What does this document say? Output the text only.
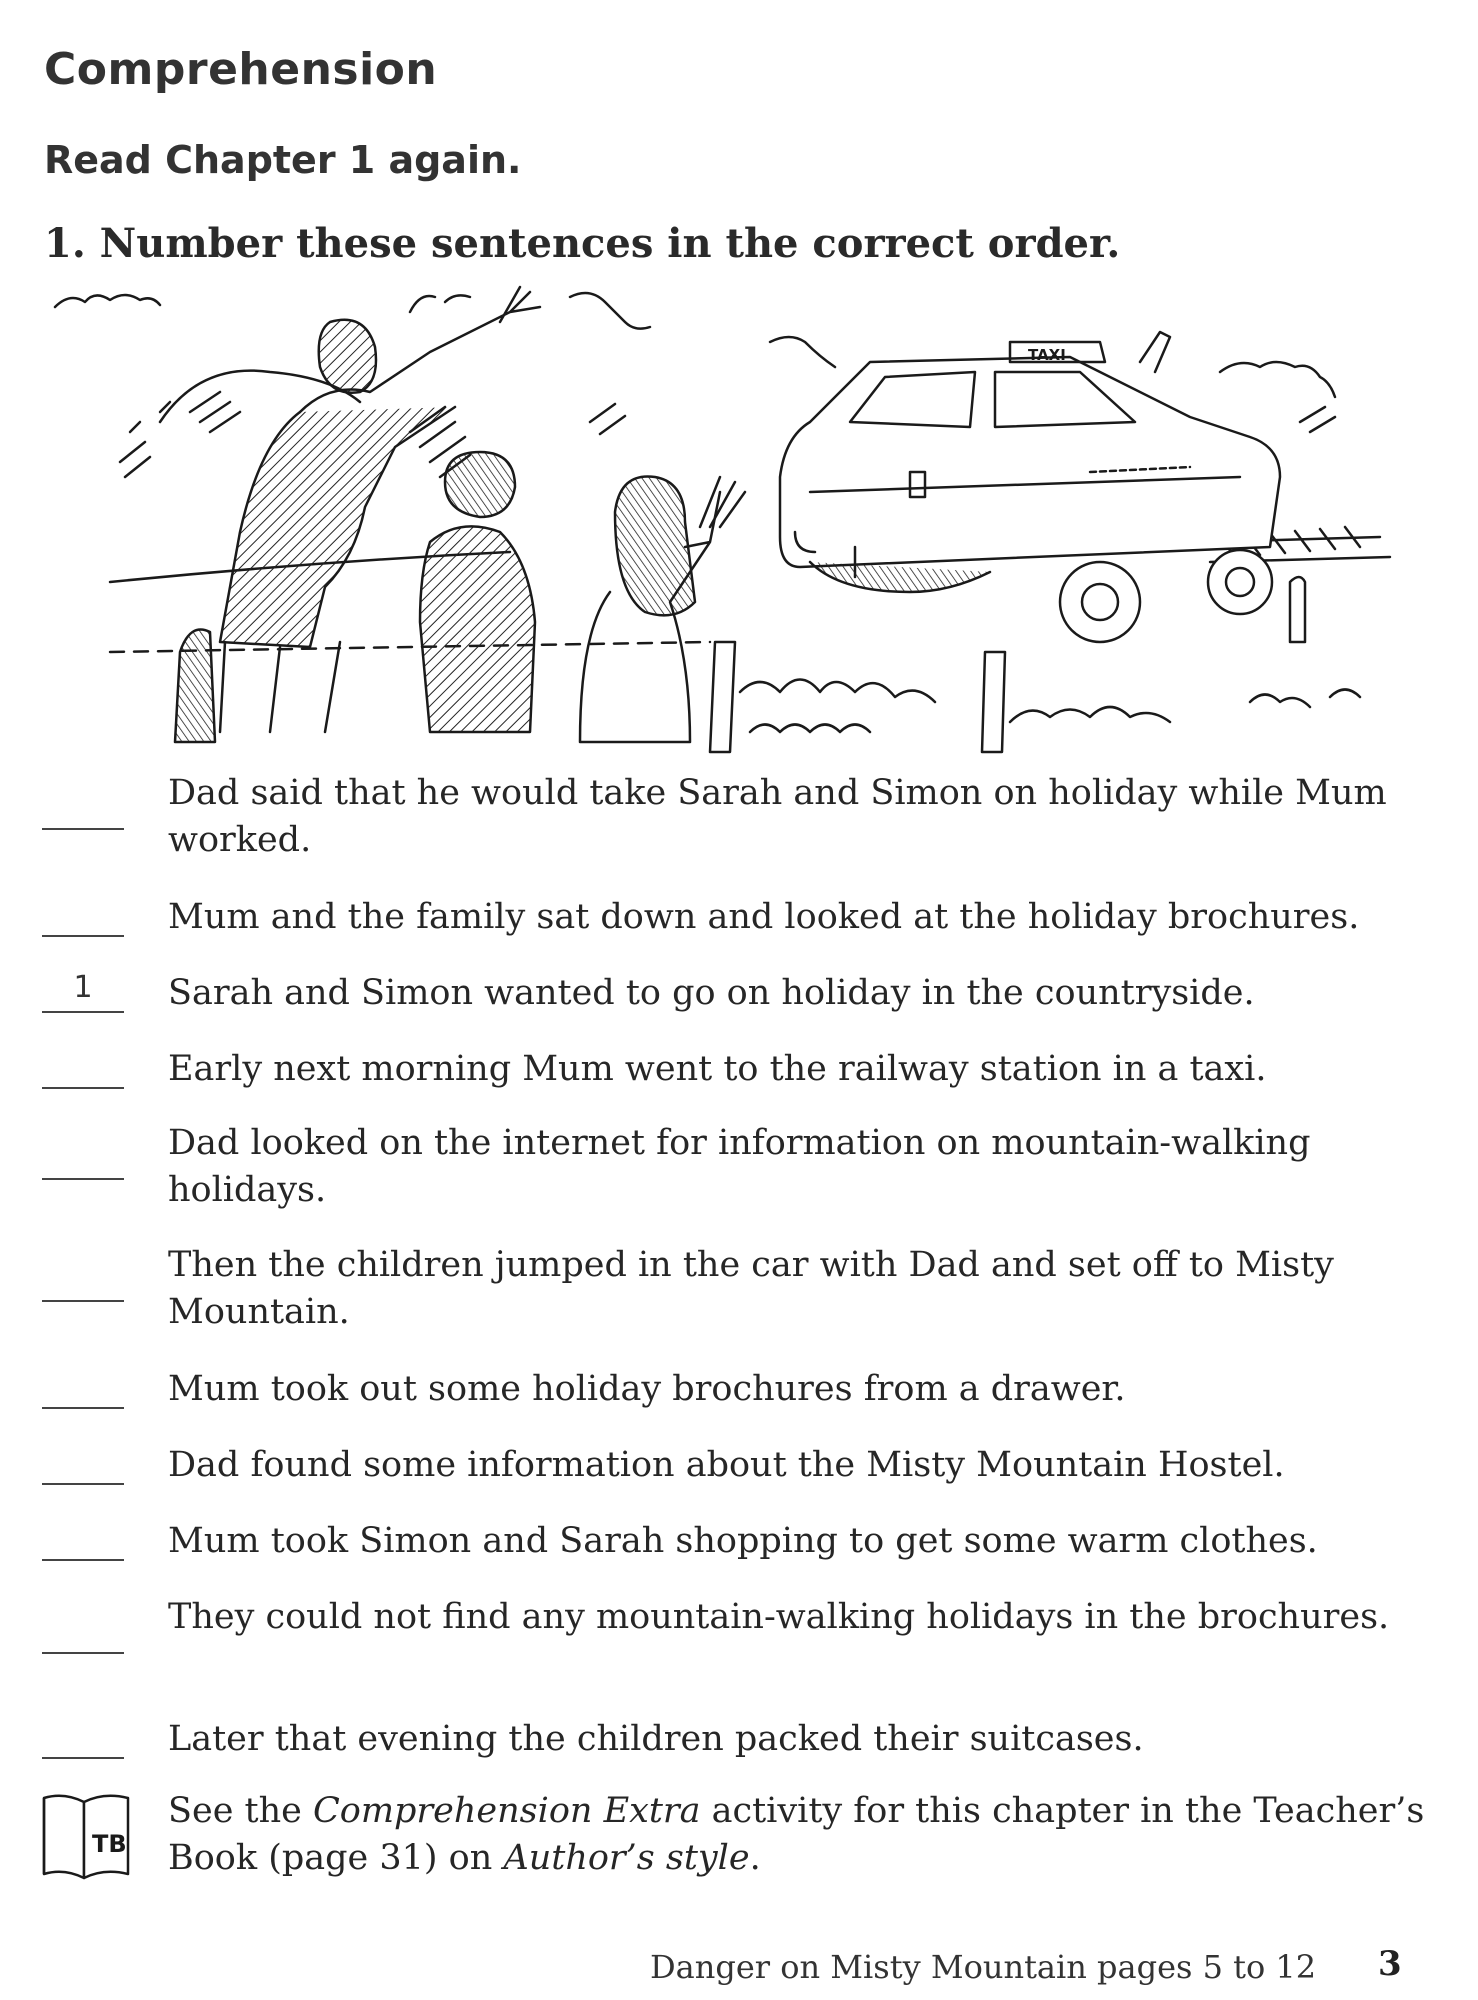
Comprehension
Read Chapter 1 again.
1. Number these sentences in the correct order.
TAXI
Dad said that he would take Sarah and Simon on holiday while Mum worked.
Mum and the family sat down and looked at the holiday brochures.
1	Sarah and Simon wanted to go on holiday in the countryside.
Early next morning Mum went to the railway station in a taxi.
Dad looked on the internet for information on mountain-walking holidays.
Then the children jumped in the car with Dad and set off to Misty Mountain.
Mum took out some holiday brochures from a drawer.
Dad found some information about the Misty Mountain Hostel.
Mum took Simon and Sarah shopping to get some warm clothes.
They could not find any mountain-walking holidays in the brochures.
Later that evening the children packed their suitcases.
TB
See the Comprehension Extra activity for this chapter in the Teacher’s Book (page 31) on Author’s style.
Danger on Misty Mountain pages 5 to 12 3
